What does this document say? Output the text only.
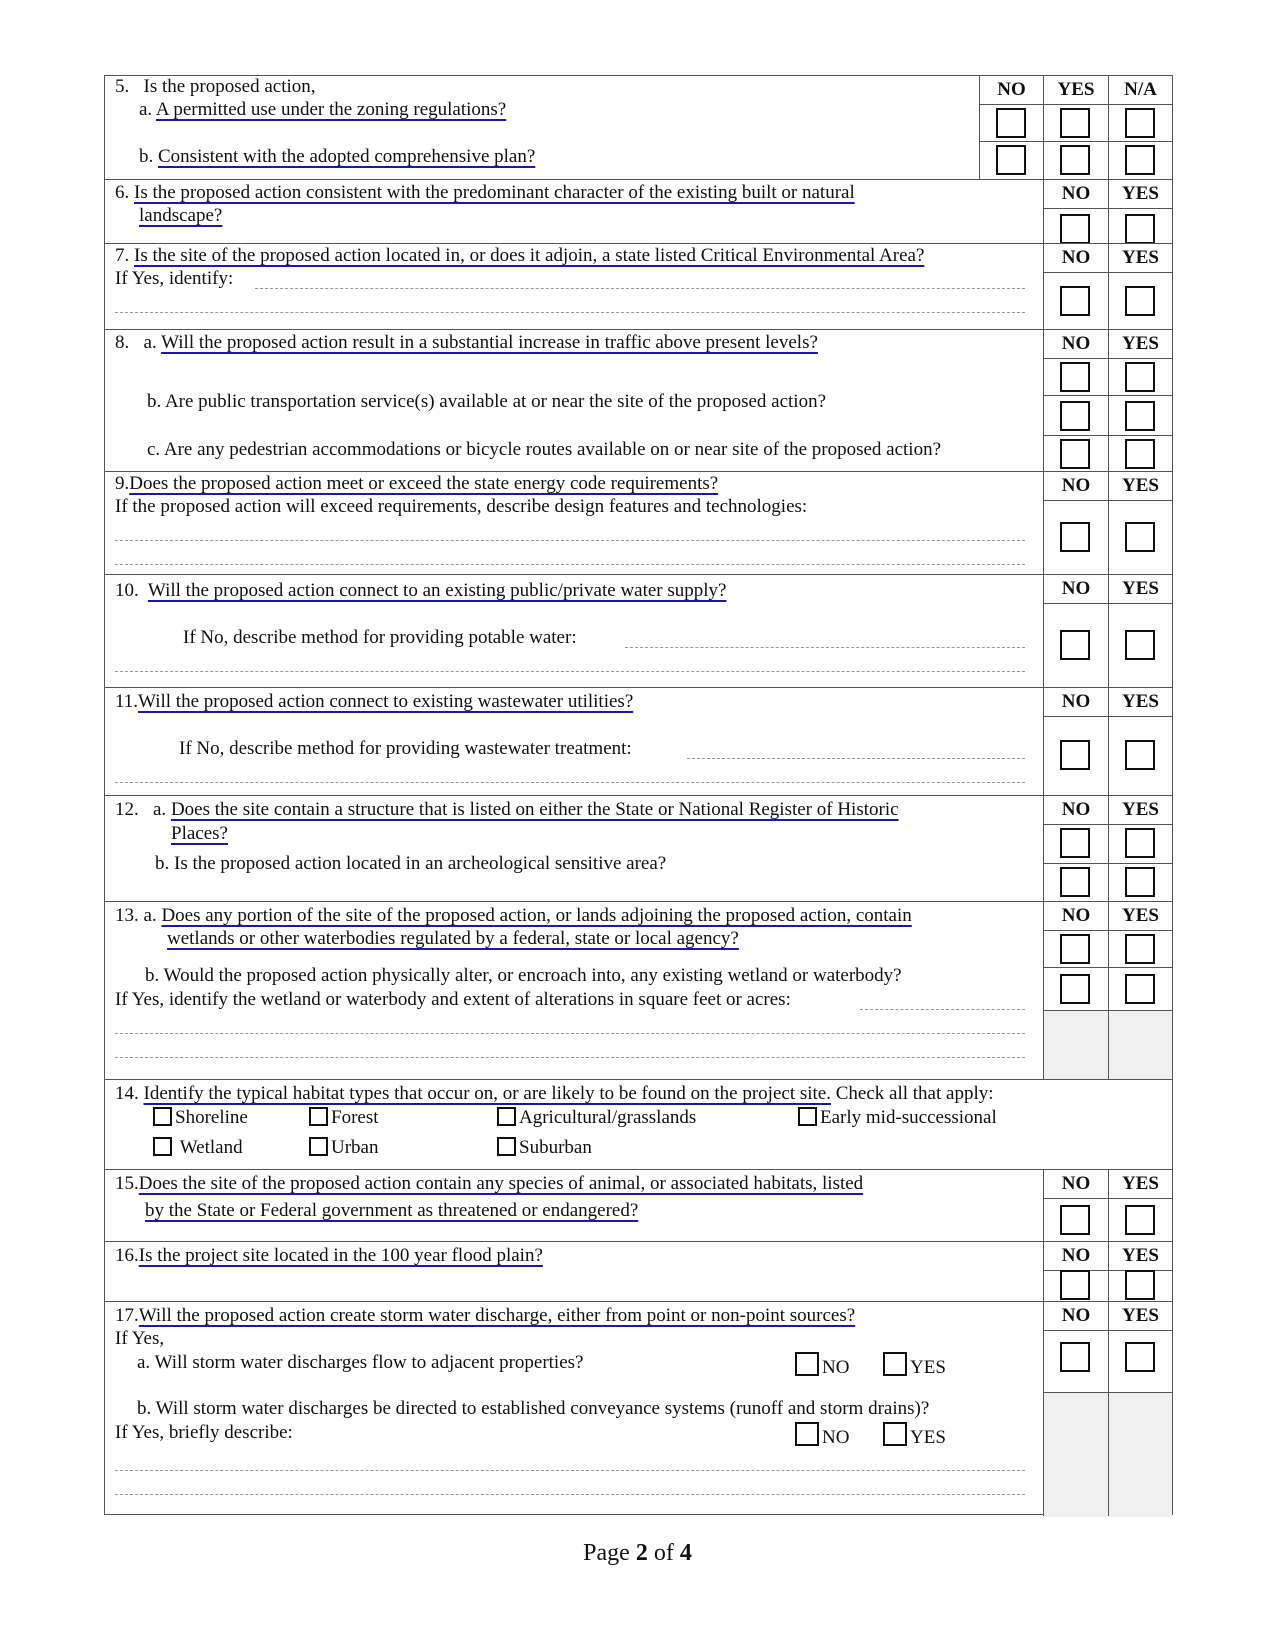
5. Is the proposed action,
a. A permitted use under the zoning regulations?
b. Consistent with the adopted comprehensive plan?
NO	YES	N/A
6. Is the proposed action consistent with the predominant character of the existing built or natural
landscape?
NO	YES
7. Is the site of the proposed action located in, or does it adjoin, a state listed Critical Environmental Area?
If Yes, identify:
NO	YES
8. a. Will the proposed action result in a substantial increase in traffic above present levels?
b. Are public transportation service(s) available at or near the site of the proposed action?
c. Are any pedestrian accommodations or bicycle routes available on or near site of the proposed action?
NO	YES
9.Does the proposed action meet or exceed the state energy code requirements?
If the proposed action will exceed requirements, describe design features and technologies:
NO	YES
10. Will the proposed action connect to an existing public/private water supply?
If No, describe method for providing potable water:
NO	YES
11.Will the proposed action connect to existing wastewater utilities?
If No, describe method for providing wastewater treatment:
NO	YES
12. a. Does the site contain a structure that is listed on either the State or National Register of Historic
Places?
b. Is the proposed action located in an archeological sensitive area?
NO	YES
13. a. Does any portion of the site of the proposed action, or lands adjoining the proposed action, contain
wetlands or other waterbodies regulated by a federal, state or local agency?
b. Would the proposed action physically alter, or encroach into, any existing wetland or waterbody?
If Yes, identify the wetland or waterbody and extent of alterations in square feet or acres:
NO	YES
14. Identify the typical habitat types that occur on, or are likely to be found on the project site. Check all that apply:
Shoreline	Forest	Agricultural/grasslands	Early mid-successional
Wetland	Urban	Suburban
15.Does the site of the proposed action contain any species of animal, or associated habitats, listed
by the State or Federal government as threatened or endangered?
NO	YES
16.Is the project site located in the 100 year flood plain?	NO	YES
17.Will the proposed action create storm water discharge, either from point or non-point sources?
If Yes,
a. Will storm water discharges flow to adjacent properties?	NO	YES
b. Will storm water discharges be directed to established conveyance systems (runoff and storm drains)?
If Yes, briefly describe:	NO	YES
NO	YES
Page 2 of 4
